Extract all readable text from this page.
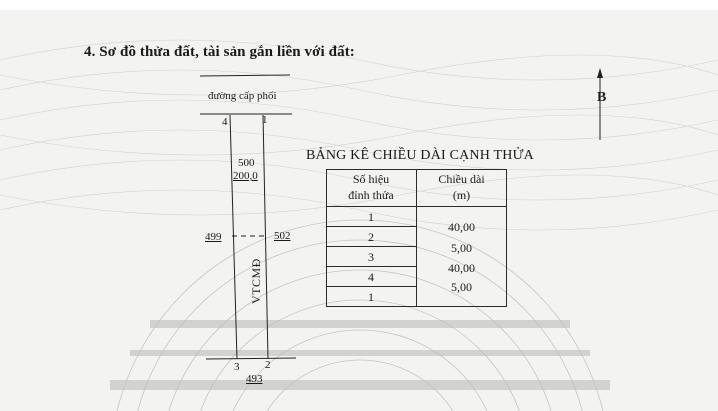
4. Sơ đồ thửa đất, tài sản gắn liền với đất:
đường cấp phối
4	1
3 2
500
200,0
499	502
493
VTCMĐ
B
BẢNG KÊ CHIỀU DÀI CẠNH THỬA
Số hiệu
đỉnh thửa
Chiều dài
(m)
1
2
3
4
1
40,00
5,00
40,00
5,00
